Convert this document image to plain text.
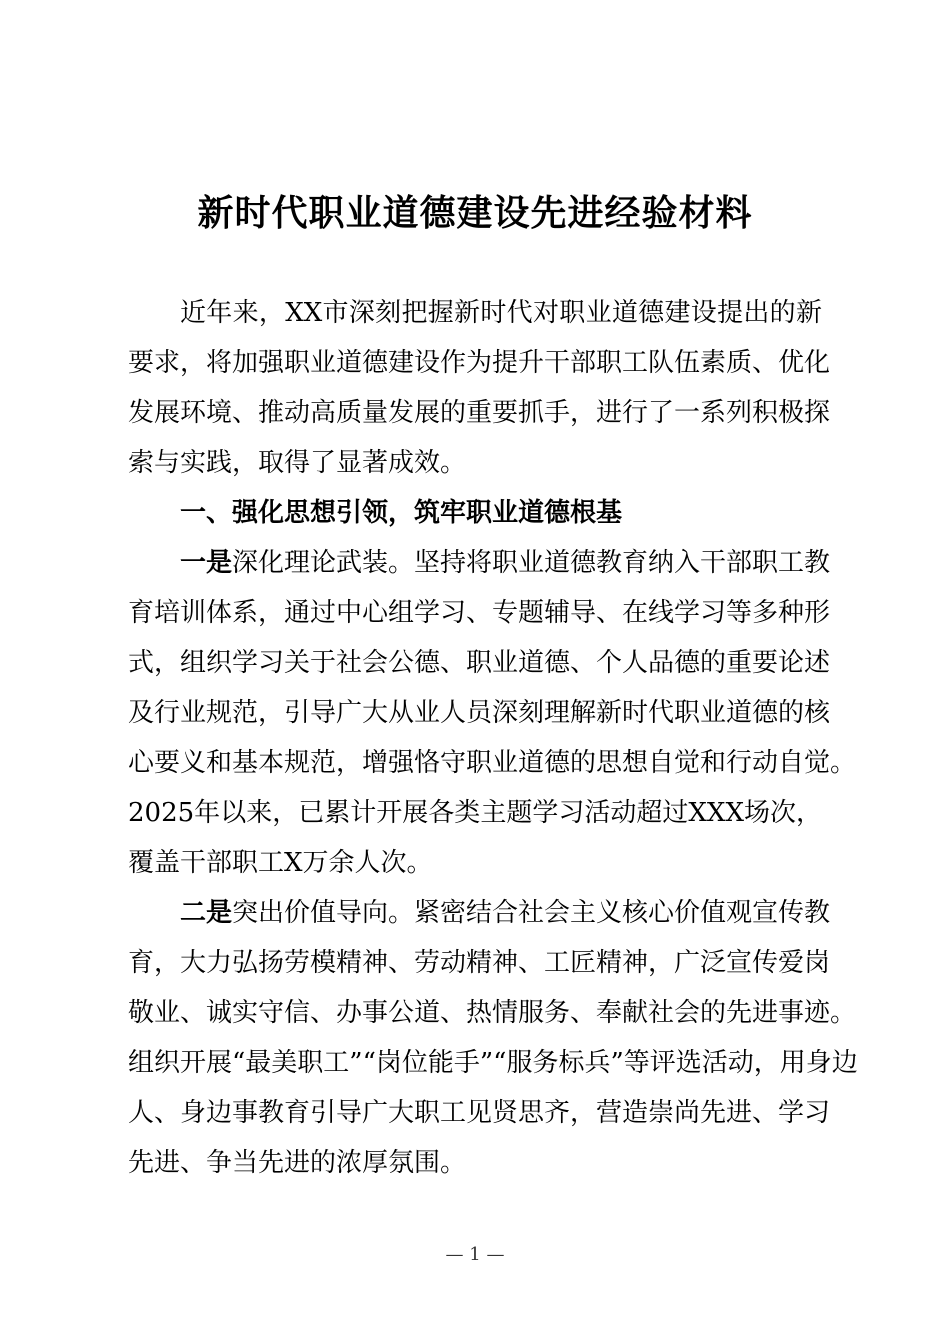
新时代职业道德建设先进经验材料
近年来，XX市深刻把握新时代对职业道德建设提出的新
要求，将加强职业道德建设作为提升干部职工队伍素质、优化
发展环境、推动高质量发展的重要抓手，进行了一系列积极探
索与实践，取得了显著成效。
一、强化思想引领，筑牢职业道德根基
一是深化理论武装。坚持将职业道德教育纳入干部职工教
育培训体系，通过中心组学习、专题辅导、在线学习等多种形
式，组织学习关于社会公德、职业道德、个人品德的重要论述
及行业规范，引导广大从业人员深刻理解新时代职业道德的核
心要义和基本规范，增强恪守职业道德的思想自觉和行动自觉。
2025年以来，已累计开展各类主题学习活动超过XXX场次，
覆盖干部职工X万余人次。
二是突出价值导向。紧密结合社会主义核心价值观宣传教
育，大力弘扬劳模精神、劳动精神、工匠精神，广泛宣传爱岗
敬业、诚实守信、办事公道、热情服务、奉献社会的先进事迹。
组织开展“最美职工”“岗位能手”“服务标兵”等评选活动，用身边
人、身边事教育引导广大职工见贤思齐，营造崇尚先进、学习
先进、争当先进的浓厚氛围。
— 1 —
